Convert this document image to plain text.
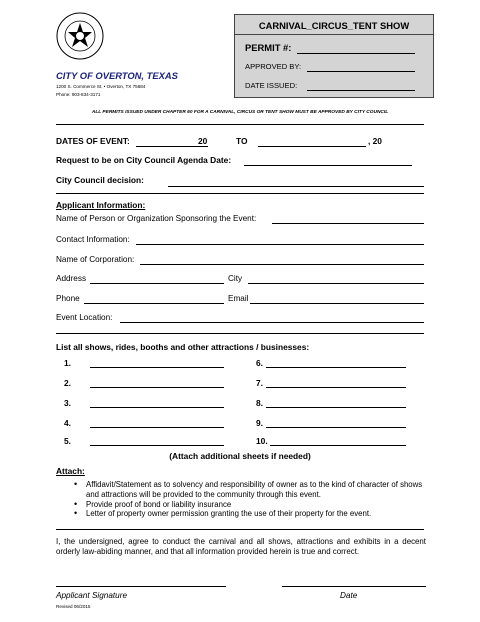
CITY OF OVERTON, TEXAS
1200 S. Commerce St. • Overton, TX 75684
Phone: 903-834-3171
CARNIVAL_CIRCUS_TENT SHOW
PERMIT #:
APPROVED BY:
DATE ISSUED:
ALL PERMITS ISSUED UNDER CHAPTER 60 FOR A CARNIVAL, CIRCUS OR TENT SHOW MUST BE APPROVED BY CITY COUNCIL
DATES OF EVENT:	20	TO	, 20
Request to be on City Council Agenda Date:
City Council decision:
Applicant Information:
Name of Person or Organization Sponsoring the Event:
Contact Information:
Name of Corporation:
Address	City
Phone	Email
Event Location:
List all shows, rides, booths and other attractions / businesses:
1.
2.
3.
4.
5.
6.
7.
8.
9.
10.
(Attach additional sheets if needed)
Attach:
• Affidavit/Statement as to solvency and responsibility of owner as to the kind of character of shows and attractions will be provided to the community through this event.
• Provide proof of bond or liability insurance
• Letter of property owner permission granting the use of their property for the event.
I, the undersigned, agree to conduct the carnival and all shows, attractions and exhibits in a decent orderly law-abiding manner, and that all information provided herein is true and correct.
Applicant Signature	Date
Revised 06/2015
